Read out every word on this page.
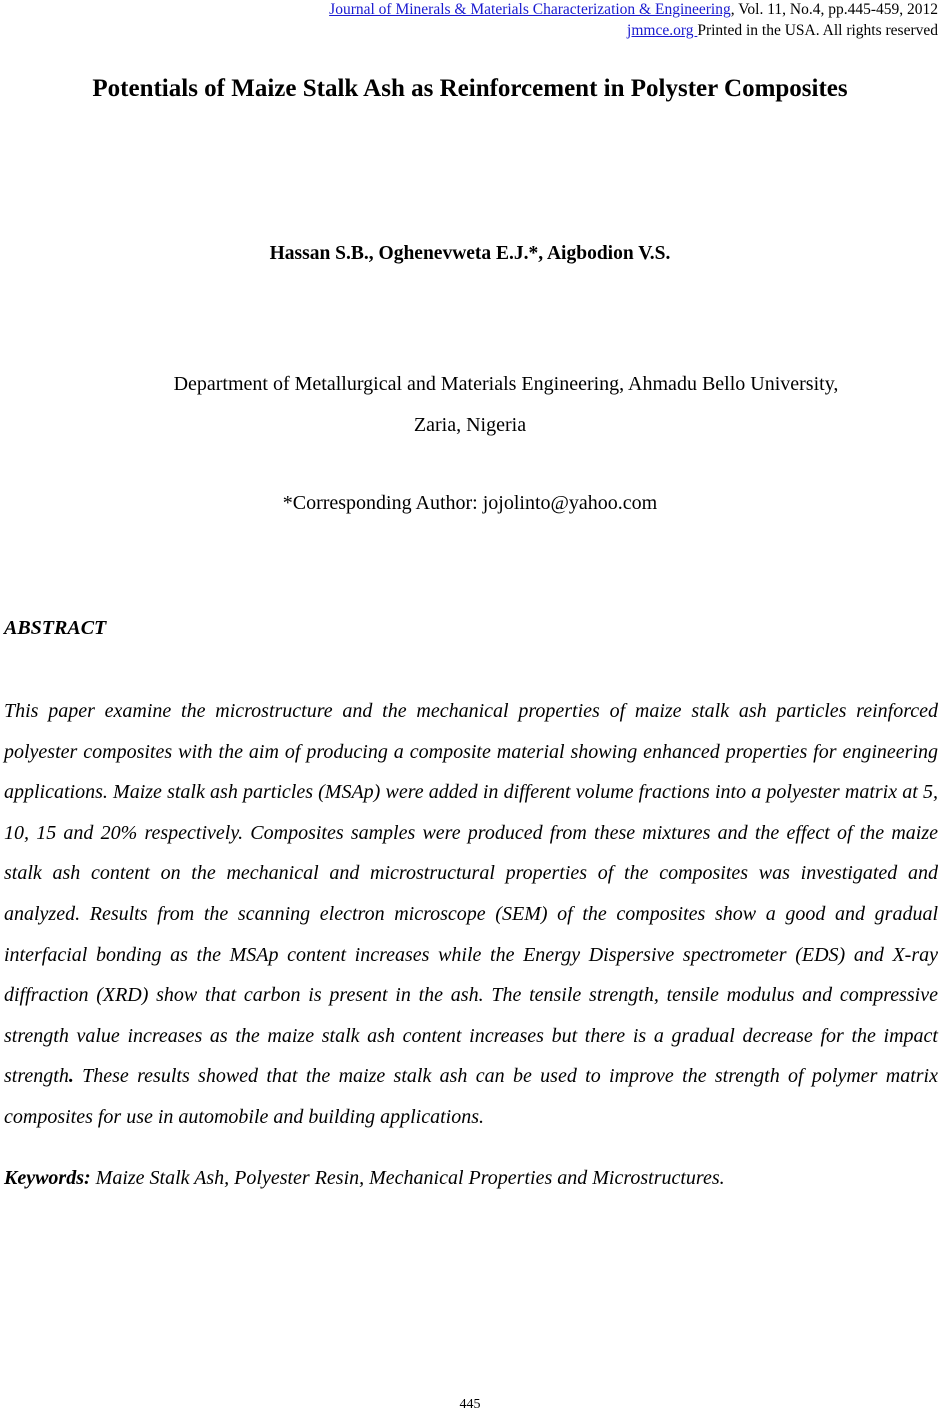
Journal of Minerals & Materials Characterization & Engineering, Vol. 11, No.4, pp.445-459, 2012
jmmce.org Printed in the USA. All rights reserved
Potentials of Maize Stalk Ash as Reinforcement in Polyster Composites
Hassan S.B., Oghenevweta E.J.*, Aigbodion V.S.
Department of Metallurgical and Materials Engineering, Ahmadu Bello University,
Zaria, Nigeria
*Corresponding Author: jojolinto@yahoo.com
ABSTRACT

This paper examine the microstructure and the mechanical properties of maize stalk ash particles reinforced polyester composites with the aim of producing a composite material showing enhanced properties for engineering applications. Maize stalk ash particles (MSAp) were added in different volume fractions into a polyester matrix at 5, 10, 15 and 20% respectively. Composites samples were produced from these mixtures and the effect of the maize stalk ash content on the mechanical and microstructural properties of the composites was investigated and analyzed. Results from the scanning electron microscope (SEM) of the composites show a good and gradual interfacial bonding as the MSAp content increases while the Energy Dispersive spectrometer (EDS) and X-ray diffraction (XRD) show that carbon is present in the ash. The tensile strength, tensile modulus and compressive strength value increases as the maize stalk ash content increases but there is a gradual decrease for the impact strength. These results showed that the maize stalk ash can be used to improve the strength of polymer matrix composites for use in automobile and building applications.

Keywords: Maize Stalk Ash, Polyester Resin, Mechanical Properties and Microstructures.
445
